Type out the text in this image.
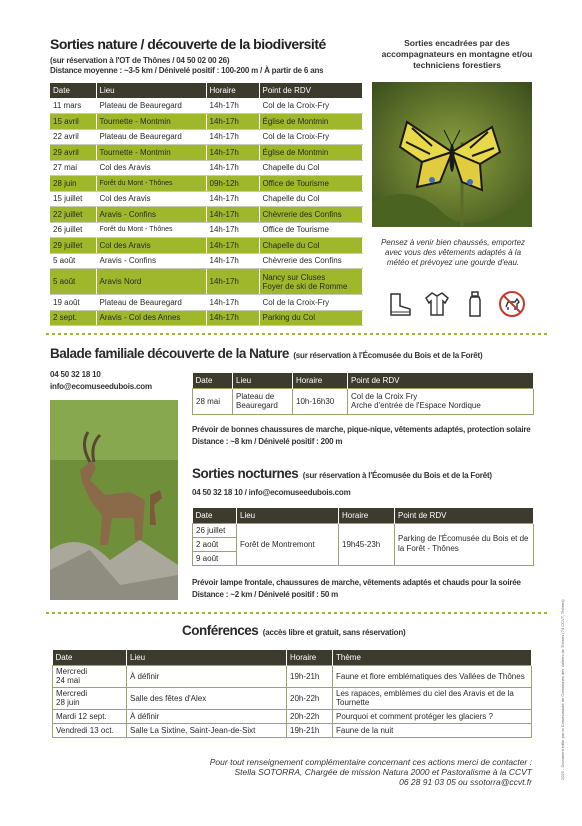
Sorties nature / découverte de la biodiversité
(sur réservation à l'OT de Thônes / 04 50 02 00 26)
Distance moyenne : ~3-5 km / Dénivelé positif : 100-200 m / À partir de 6 ans
Date	Lieu	Horaire	Point de RDV
11 mars	Plateau de Beauregard	14h-17h	Col de la Croix-Fry
15 avril	Tournette - Montmin	14h-17h	Église de Montmin
22 avril	Plateau de Beauregard	14h-17h	Col de la Croix-Fry
29 avril	Tournette - Montmin	14h-17h	Église de Montmin
27 mai	Col des Aravis	14h-17h	Chapelle du Col
28 juin	Forêt du Mont - Thônes	09h-12h	Office de Tourisme
15 juillet	Col des Aravis	14h-17h	Chapelle du Col
22 juillet	Aravis - Confins	14h-17h	Chèvrerie des Confins
26 juillet	Forêt du Mont - Thônes	14h-17h	Office de Tourisme
29 juillet	Col des Aravis	14h-17h	Chapelle du Col
5 août	Aravis - Confins	14h-17h	Chèvrerie des Confins
5 août	Aravis Nord	14h-17h	Nancy sur Cluses
Foyer de ski de Romme
19 août	Plateau de Beauregard	14h-17h	Col de la Croix-Fry
2 sept.	Aravis - Col des Annes	14h-17h	Parking du Col
Sorties encadrées par des accompagnateurs en montagne et/ou techniciens forestiers
Pensez à venir bien chaussés, emportez avec vous des vêtements adaptés à la météo et prévoyez une gourde d'eau.
Balade familiale découverte de la Nature (sur réservation à l'Écomusée du Bois et de la Forêt)
04 50 32 18 10
info@ecomuseedubois.com
Date	Lieu	Horaire	Point de RDV
28 mai	Plateau de
Beauregard	10h-16h30	Col de la Croix Fry
Arche d'entrée de l'Espace Nordique
Prévoir de bonnes chaussures de marche, pique-nique, vêtements adaptés, protection solaire
Distance : ~8 km / Dénivelé positif : 200 m
Sorties nocturnes (sur réservation à l'Écomusée du Bois et de la Forêt)
04 50 32 18 10 / info@ecomuseedubois.com
Date	Lieu	Horaire	Point de RDV
26 juillet	Forêt de Montremont	19h45-23h	Parking de l'Écomusée du Bois et de la Forêt - Thônes
2 août			
9 août			
Prévoir lampe frontale, chaussures de marche, vêtements adaptés et chauds pour la soirée
Distance : ~2 km / Dénivelé positif : 50 m
Conférences (accès libre et gratuit, sans réservation)
Date	Lieu	Horaire	Thème
Mercredi
24 mai	À définir	19h-21h	Faune et flore emblématiques des Vallées de Thônes
Mercredi
28 juin	Salle des fêtes d'Alex	20h-22h	Les rapaces, emblèmes du ciel des Aravis et de la Tournette
Mardi 12 sept.	À définir	20h-22h	Pourquoi et comment protéger les glaciers ?
Vendredi 13 oct.	Salle La Sixtine, Saint-Jean-de-Sixt	19h-21h	Faune de la nuit
Pour tout renseignement complémentaire concernant ces actions merci de contacter :
Stella SOTORRA, Chargée de mission Natura 2000 et Pastoralisme à la CCVT
06 28 91 03 05 ou ssotorra@ccvt.fr
2023 - Document édité par la Communauté de Communes des Vallées de Thônes (74 CCVT, Thônes)
